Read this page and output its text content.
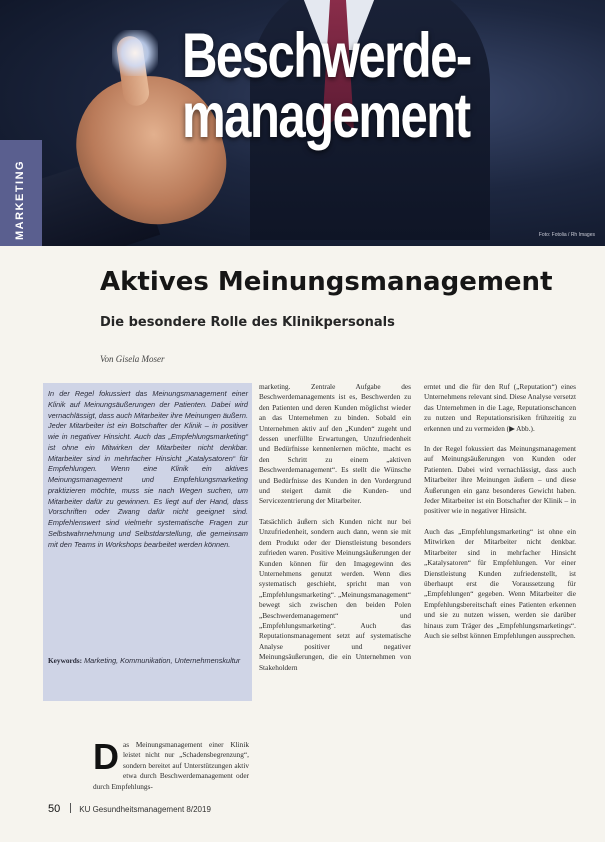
Beschwerde-
management
Foto: Fotolia / Rh Images
MARKETING
Aktives Meinungsmanagement
Die besondere Rolle des Klinikpersonals
Von Gisela Moser
In der Regel fokussiert das Meinungsmanagement einer Klinik auf Meinungsäußerungen der Patienten. Dabei wird vernachlässigt, dass auch Mitarbeiter ihre Meinungen äußern. Jeder Mitarbeiter ist ein Botschafter der Klinik – in positiver wie in negativer Hinsicht. Auch das „Empfehlungsmarketing“ ist ohne ein Mitwirken der Mitarbeiter nicht denkbar. Mitarbeiter sind in mehrfacher Hinsicht „Katalysatoren“ für Empfehlungen. Wenn eine Klinik ein aktives Meinungsmanagement und Empfehlungsmarketing praktizieren möchte, muss sie nach Wegen suchen, um Mitarbeiter dafür zu gewinnen. Es liegt auf der Hand, dass Vorschriften oder Zwang dafür nicht geeignet sind. Empfehlenswert sind vielmehr systematische Fragen zur Selbstwahrnehmung und Selbstdarstellung, die gemeinsam mit den Teams in Workshops bearbeitet werden können.
Keywords: Marketing, Kommunikation, Unternehmenskultur
D as Meinungsmanagement einer Klinik leistet nicht nur „Schadensbegrenzung“, sondern bereitet auf Unterstützungen aktiv etwa durch Beschwerdemanagement oder durch Empfehlungs-

marketing. Zentrale Aufgabe des Beschwerdemanagements ist es, Beschwerden zu den Patienten und deren Kunden möglichst wieder an das Unternehmen zu binden. Sobald ein Unternehmen aktiv auf den „Kunden“ zugeht und dessen unerfüllte Erwartungen, Unzufriedenheit und Bedürfnisse kennenlernen möchte, macht es den Schritt zu einem „aktiven Beschwerdemanagement“. Es stellt die Wünsche und Bedürfnisse des Kunden in den Vordergrund und steigert damit die Kunden- und Servicezentrierung der Mitarbeiter.

Tatsächlich äußern sich Kunden nicht nur bei Unzufriedenheit, sondern auch dann, wenn sie mit dem Produkt oder der Dienstleistung besonders zufrieden waren. Positive Meinungsäußerungen der Kunden können für den Imagegewinn des Unternehmens genutzt werden. Wenn dies systematisch geschieht, spricht man von „Empfehlungsmarketing“. „Meinungsmanagement“ bewegt sich zwischen den beiden Polen „Beschwerdemanagement“ und „Empfehlungsmarketing“. Auch das Reputationsmanagement setzt auf systematische Analyse positiver und negativer Meinungsäußerungen, die ein Unternehmen von Stakeholdern

erntet und die für den Ruf („Reputation“) eines Unternehmens relevant sind. Diese Analyse versetzt das Unternehmen in die Lage, Reputationschancen zu nutzen und Reputationsrisiken frühzeitig zu erkennen und zu vermeiden (▶ Abb.).

In der Regel fokussiert das Meinungsmanagement auf Meinungsäußerungen von Kunden oder Patienten. Dabei wird vernachlässigt, dass auch Mitarbeiter ihre Meinungen äußern – und diese Äußerungen ein ganz besonderes Gewicht haben. Jeder Mitarbeiter ist ein Botschafter der Klinik – in positiver wie in negativer Hinsicht.

Auch das „Empfehlungsmarketing“ ist ohne ein Mitwirken der Mitarbeiter nicht denkbar. Mitarbeiter sind in mehrfacher Hinsicht „Katalysatoren“ für Empfehlungen. Vor einer Dienstleistung Kunden zufriedenstellt, ist überhaupt erst die Voraussetzung für „Empfehlungen“ gegeben. Wenn Mitarbeiter die Empfehlungsbereitschaft eines Patienten erkennen und sie zu nutzen wissen, werden sie darüber hinaus zum Träger des „Empfehlungsmarketings“. Auch sie selbst können Empfehlungen aussprechen.

50 KU Gesundheitsmanagement 8/2019
